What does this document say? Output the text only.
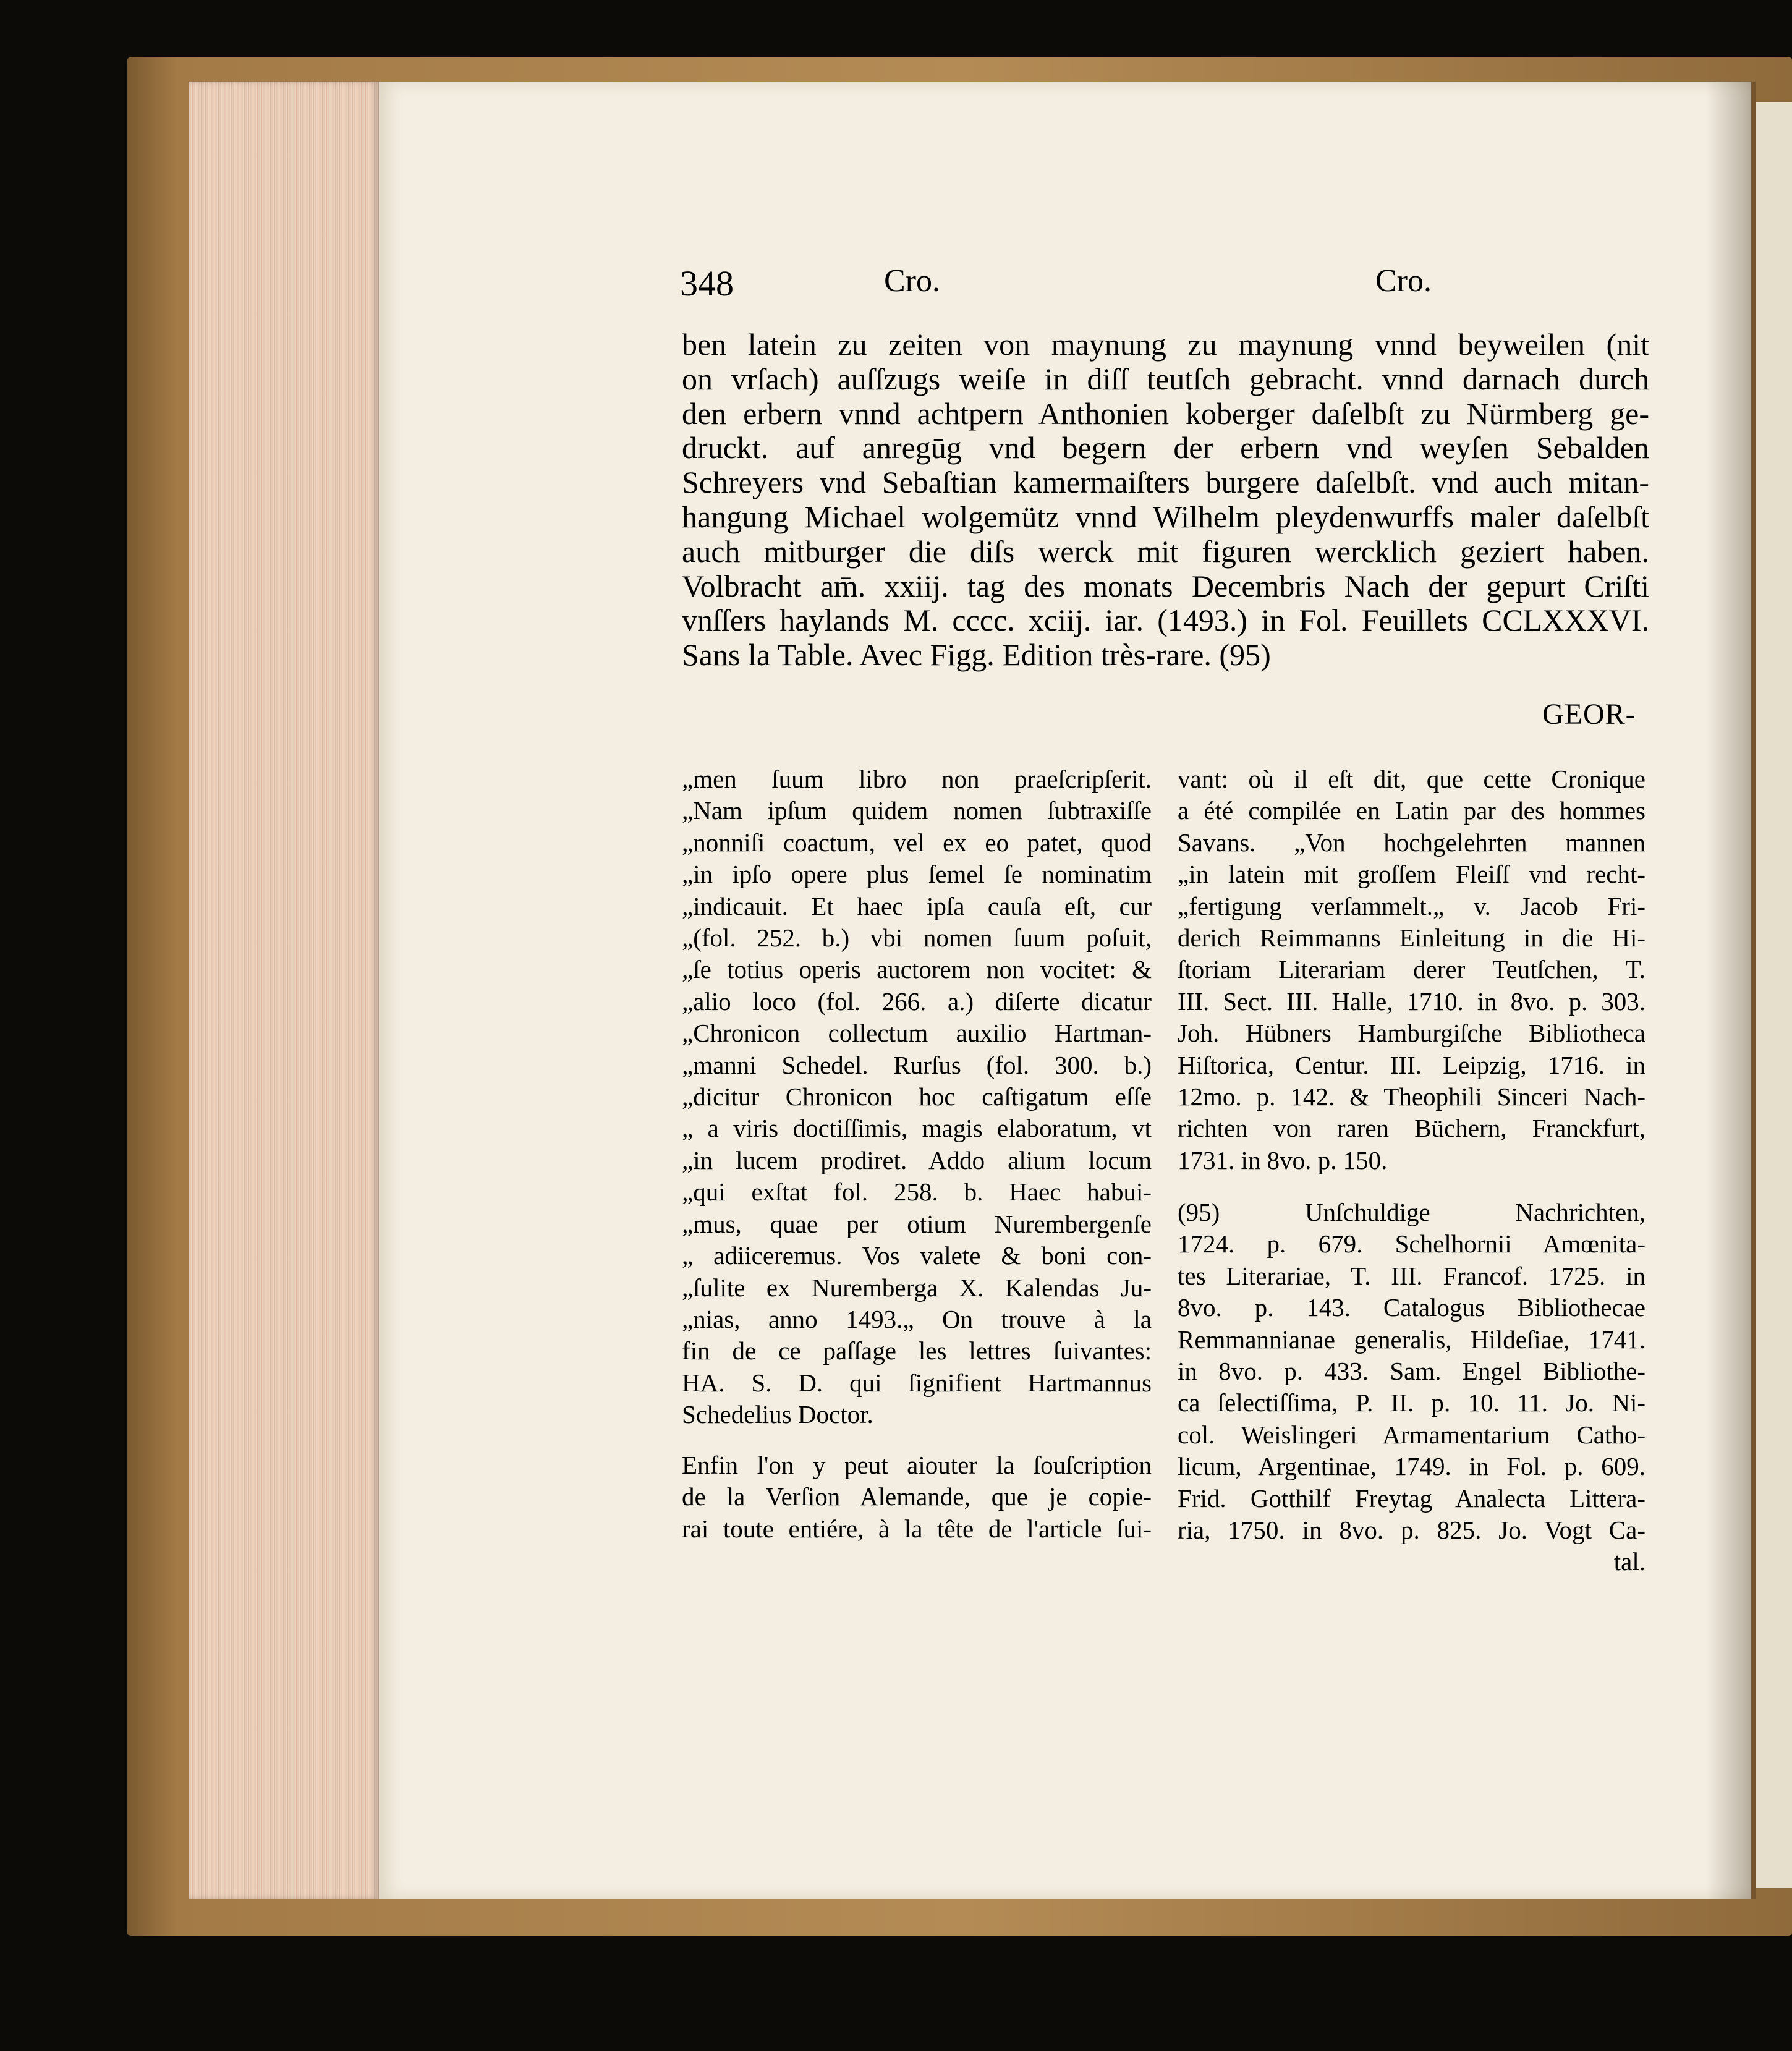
348	Cro.	Cro.
ben latein zu zeiten von maynung zu maynung vnnd beyweilen (nit
on vrſach) auſſzugs weiſe in diſſ teutſch gebracht. vnnd darnach durch
den erbern vnnd achtpern Anthonien koberger daſelbſt zu Nürmberg ge-
druckt. auf anregūg vnd begern der erbern vnd weyſen Sebalden
Schreyers vnd Sebaſtian kamermaiſters burgere daſelbſt. vnd auch mitan-
hangung Michael wolgemütz vnnd Wilhelm pleydenwurffs maler daſelbſt
auch mitburger die diſs werck mit figuren wercklich geziert haben.
Volbracht am̄. xxiij. tag des monats Decembris Nach der gepurt Criſti
vnſſers haylands M. cccc. xciij. iar. (1493.) in Fol. Feuillets CCLXXXVI.
Sans la Table. Avec Figg. Edition très-rare. (95)
GEOR-
„men ſuum libro non praeſcripſerit.
„Nam ipſum quidem nomen ſubtraxiſſe
„nonniſi coactum, vel ex eo patet, quod
„in ipſo opere plus ſemel ſe nominatim
„indicauit. Et haec ipſa cauſa eſt, cur
„(fol. 252. b.) vbi nomen ſuum poſuit,
„ſe totius operis auctorem non vocitet: &
„alio loco (fol. 266. a.) diſerte dicatur
„Chronicon collectum auxilio Hartman-
„manni Schedel. Rurſus (fol. 300. b.)
„dicitur Chronicon hoc caſtigatum eſſe
„ a viris doctiſſimis, magis elaboratum, vt
„in lucem prodiret. Addo alium locum
„qui exſtat fol. 258. b. Haec habui-
„mus, quae per otium Nurembergenſe
„ adiiceremus. Vos valete & boni con-
„ſulite ex Nuremberga X. Kalendas Ju-
„nias, anno 1493.„ On trouve à la
fin de ce paſſage les lettres ſuivantes:
HA. S. D. qui ſignifient Hartmannus
Schedelius Doctor.
Enfin l'on y peut aiouter la ſouſcription
de la Verſion Alemande, que je copie-
rai toute entiére, à la tête de l'article ſui-
vant: où il eſt dit, que cette Cronique
a été compilée en Latin par des hommes
Savans. „Von hochgelehrten mannen
„in latein mit groſſem Fleiſſ vnd recht-
„fertigung verſammelt.„ v. Jacob Fri-
derich Reimmanns Einleitung in die Hi-
ſtoriam Literariam derer Teutſchen, T.
III. Sect. III. Halle, 1710. in 8vo. p. 303.
Joh. Hübners Hamburgiſche Bibliotheca
Hiſtorica, Centur. III. Leipzig, 1716. in
12mo. p. 142. & Theophili Sinceri Nach-
richten von raren Büchern, Franckfurt,
1731. in 8vo. p. 150.
(95) Unſchuldige Nachrichten,
1724. p. 679. Schelhornii Amœnita-
tes Literariae, T. III. Francof. 1725. in
8vo. p. 143. Catalogus Bibliothecae
Remmannianae generalis, Hildeſiae, 1741.
in 8vo. p. 433. Sam. Engel Bibliothe-
ca ſelectiſſima, P. II. p. 10. 11. Jo. Ni-
col. Weislingeri Armamentarium Catho-
licum, Argentinae, 1749. in Fol. p. 609.
Frid. Gotthilf Freytag Analecta Littera-
ria, 1750. in 8vo. p. 825. Jo. Vogt Ca-
tal.
